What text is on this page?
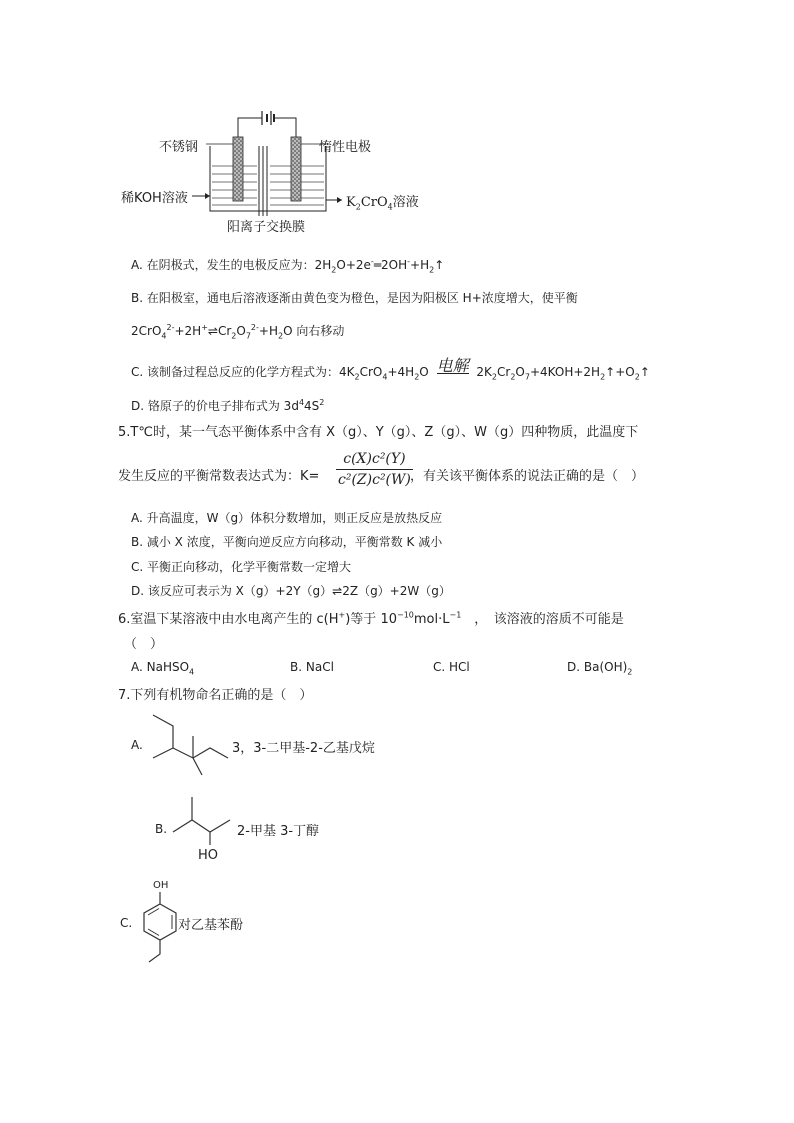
不锈钢	惰性电极
稀KOH溶液	$K_2CrO_4$溶液
阳离子交换膜
A. 在阴极式，发生的电极反应为：$2H_2O+2e^-═2OH^-+H_2↑$
B. 在阳极室，通电后溶液逐渐由黄色变为橙色，是因为阳极区 H+浓度增大，使平衡
$2CrO_4^{2-}+2H^+\rightleftharpoons Cr_2O_7^{2-}+H_2O$ 向右移动
C. 该制备过程总反应的化学方程式为：$4K_2CrO_4+4H_2O$ 电解 $2K_2Cr_2O_7+4KOH+2H_2↑+O_2↑$
D. 铬原子的价电子排布式为 $3d^44S^2$
5.T℃时，某一气态平衡体系中含有 X（g）、Y（g）、Z（g）、W（g）四种物质，此温度下
发生反应的平衡常数表达式为：K=
c(X)c²(Y)
c²(Z)c²(W) ，有关该平衡体系的说法正确的是（　）
A. 升高温度，W（g）体积分数增加，则正反应是放热反应
B. 减小 X 浓度，平衡向逆反应方向移动，平衡常数 K 减小
C. 平衡正向移动，化学平衡常数一定增大
D. 该反应可表示为 X（g）+2Y（g）⇌2Z（g）+2W（g）
6.室温下某溶液中由水电离产生的 c(H+)等于 $10^{-10}mol\cdot L^{-1}$　，　该溶液的溶质不可能是
（　）
A. NaHSO$_4$	B. NaCl	C. HCl	D. $Ba(OH)_2$
7.下列有机物命名正确的是（　）
A.	3，3-二甲基-2-乙基戊烷
B.
HO
2-甲基 3-丁醇
C.
OH
对乙基苯酚
